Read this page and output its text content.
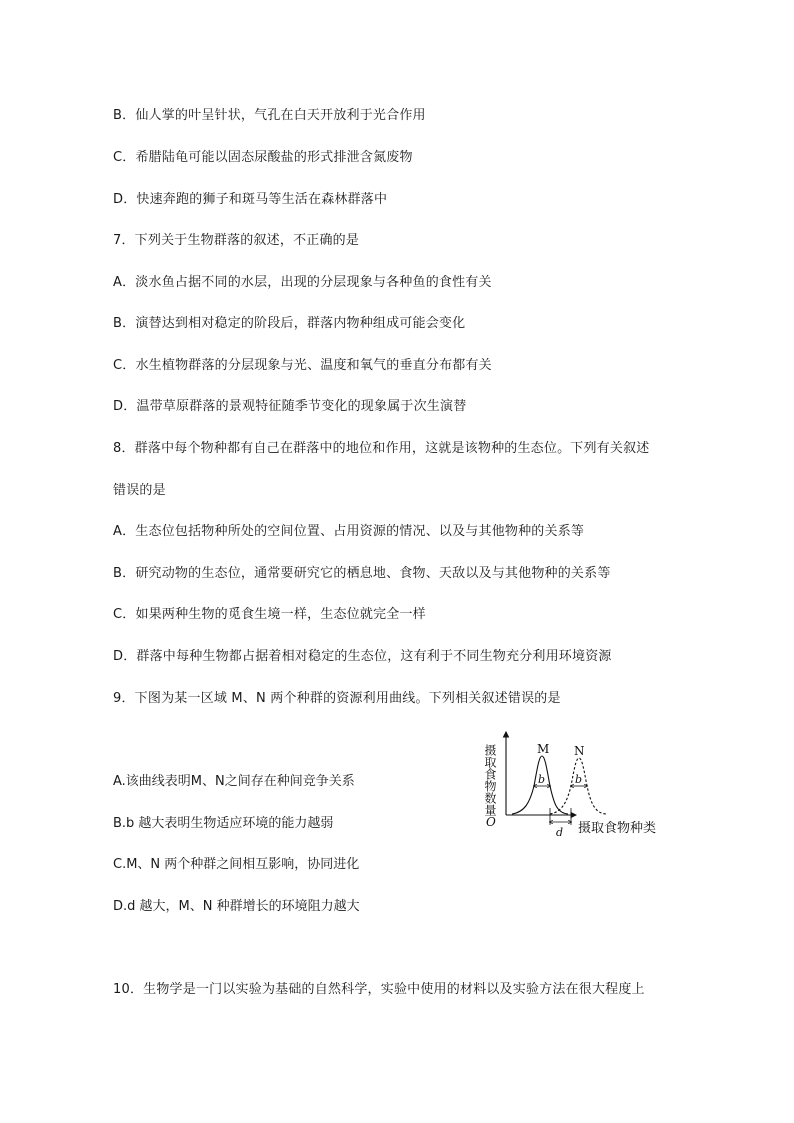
B．仙人掌的叶呈针状，气孔在白天开放利于光合作用
C．希腊陆龟可能以固态尿酸盐的形式排泄含氮废物
D．快速奔跑的狮子和斑马等生活在森林群落中
7．下列关于生物群落的叙述，不正确的是
A．淡水鱼占据不同的水层，出现的分层现象与各种鱼的食性有关
B．演替达到相对稳定的阶段后，群落内物种组成可能会变化
C．水生植物群落的分层现象与光、温度和氧气的垂直分布都有关
D．温带草原群落的景观特征随季节变化的现象属于次生演替
8．群落中每个物种都有自己在群落中的地位和作用，这就是该物种的生态位。下列有关叙述
错误的是
A．生态位包括物种所处的空间位置、占用资源的情况、以及与其他物种的关系等
B．研究动物的生态位，通常要研究它的栖息地、食物、天敌以及与其他物种的关系等
C．如果两种生物的觅食生境一样，生态位就完全一样
D．群落中每种生物都占据着相对稳定的生态位，这有利于不同生物充分利用环境资源
9．下图为某一区域 M、N 两个种群的资源利用曲线。下列相关叙述错误的是
A.该曲线表明M、N之间存在种间竞争关系
B.b 越大表明生物适应环境的能力越弱
C.M、N 两个种群之间相互影响，协同进化
D.d 越大，M、N 种群增长的环境阻力越大
10．生物学是一门以实验为基础的自然科学，实验中使用的材料以及实验方法在很大程度上
摄取食物数量
摄取食物种类
O
M N
b	b
d
